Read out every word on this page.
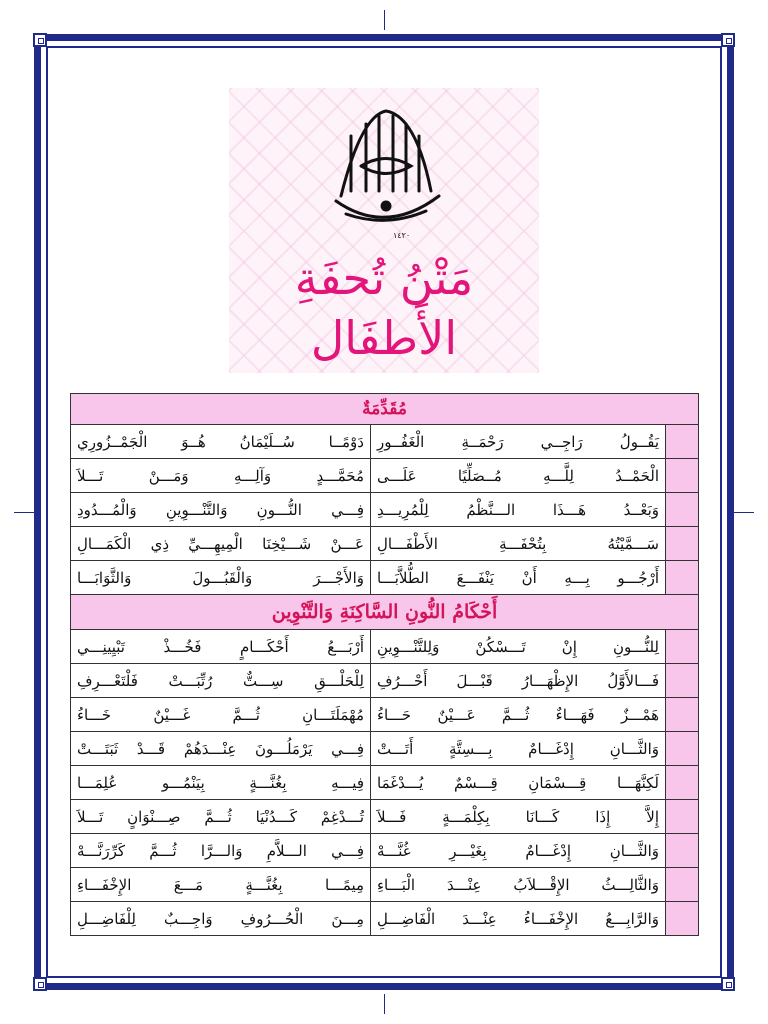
١٤٢٠
مَتْنُ تُحفَةِ الأَطفَال
مُقَدِّمَةٌ		
دَوْمًــا سُــلَيْمَانُ هُــوَ الْجَمْــزُورِي	يَقُــولُ رَاجِــي رَحْمَــةِ الْغَفُــورِ	
مُحَمَّـــدٍ وَآلِـــهِ وَمَـــنْ تَـــلاَ	الْحَمْــدُ لِلَّـــهِ مُــصَلِّيًا عَلَـــى	
فِـــي النُّـــونِ وَالتَّنْـــوِينِ وَالْمُـــدُودِ	وَبَعْــدُ هَـــذَا الـــنَّظْمُ لِلْمُرِيـــدِ	
عَـــنْ شَـــيْخِنَا الْمِيهِـــيِّ ذِي الْكَمَـــالِ	سَـــمَّيْتُهُ بِتُحْفَـــةِ الأَطْفَـــالِ	
وَالأَجْـــرَ وَالْقَبُـــولَ وَالثَّوَابَـــا	أَرْجُـــو بِـــهِ أَنْ يَنْفَـــعَ الطُّلاَّبَـــا	
أَحْكَامُ النُّونِ السَّاكِنَةِ وَالتَّنْوِين		
أَرْبَـــعُ أَحْكَـــامٍ فَخُـــذْ تَبْيِينِـــي	لِلنُّـــونِ إِنْ تَـــسْكُنْ وَلِلتَّنْـــوِينِ	
لِلْحَلْـــقِ سِـــتٌّ رُتِّبَـــتْ فَلْتَعْـــرِفِ	فَـــالأَوَّلُ الإِظْهَـــارُ قَبْـــلَ أَحْـــرُفِ	
مُهْمَلَتَـــانِ ثُـــمَّ غَـــيْنٌ خَـــاءُ	هَمْـــزٌ فَهَـــاءٌ ثُـــمَّ عَـــيْنٌ حَـــاءُ	
فِـــي يَرْمَلُـــونَ عِنْـــدَهُمْ قَـــدْ ثَبَتَـــتْ	وَالثَّـــانِ إِدْغَـــامٌ بِـــسِتَّةٍ أَتَـــتْ	
فِيـــهِ بِغُنَّـــةٍ بِيَنْمُـــو عُلِمَـــا	لَكِنَّهَـــا قِـــسْمَانِ قِـــسْمٌ يُـــدْغَمَا	
تُـــدْغِمْ كَـــدُنْيَا ثُـــمَّ صِـــنْوَانٍ تَـــلاَ	إِلاَّ إِذَا كَـــانَا بِكِلْمَـــةٍ فَـــلاَ	
فِـــي الـــلاَّمِ وَالـــرَّا ثُـــمَّ كَرِّرَنَّـــهْ	وَالثَّـــانِ إِدْغَـــامٌ بِغَيْـــرِ غُنَّـــهْ	
مِيمًـــا بِغُنَّـــةٍ مَـــعَ الإِخْفَـــاءِ	وَالثَّالِـــثُ الإِقْـــلاَبُ عِنْـــدَ الْبَـــاءِ	
مِـــنَ الْحُـــرُوفِ وَاجِـــبٌ لِلْفَاضِـــلِ	وَالرَّابِـــعُ الإِخْفَـــاءُ عِنْـــدَ الْفَاضِـــلِ	
